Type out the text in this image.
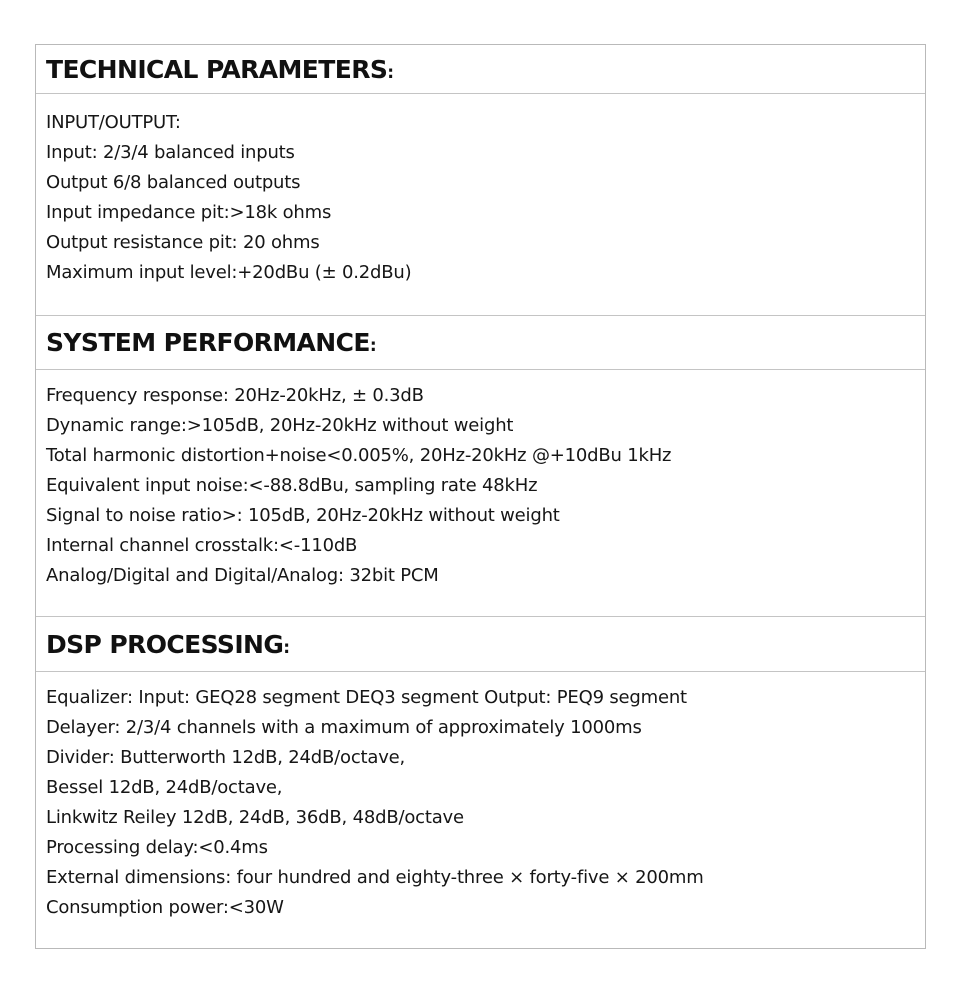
TECHNICAL PARAMETERS:
INPUT/OUTPUT:
Input: 2/3/4 balanced inputs
Output 6/8 balanced outputs
Input impedance pit:>18k ohms
Output resistance pit: 20 ohms
Maximum input level:+20dBu (± 0.2dBu)
SYSTEM PERFORMANCE:
Frequency response: 20Hz-20kHz, ± 0.3dB
Dynamic range:>105dB, 20Hz-20kHz without weight
Total harmonic distortion+noise<0.005%, 20Hz-20kHz @+10dBu 1kHz
Equivalent input noise:<-88.8dBu, sampling rate 48kHz
Signal to noise ratio>: 105dB, 20Hz-20kHz without weight
Internal channel crosstalk:<-110dB
Analog/Digital and Digital/Analog: 32bit PCM
DSP PROCESSING:
Equalizer: Input: GEQ28 segment DEQ3 segment Output: PEQ9 segment
Delayer: 2/3/4 channels with a maximum of approximately 1000ms
Divider: Butterworth 12dB, 24dB/octave,
Bessel 12dB, 24dB/octave,
Linkwitz Reiley 12dB, 24dB, 36dB, 48dB/octave
Processing delay:<0.4ms
External dimensions: four hundred and eighty-three × forty-five × 200mm
Consumption power:<30W
